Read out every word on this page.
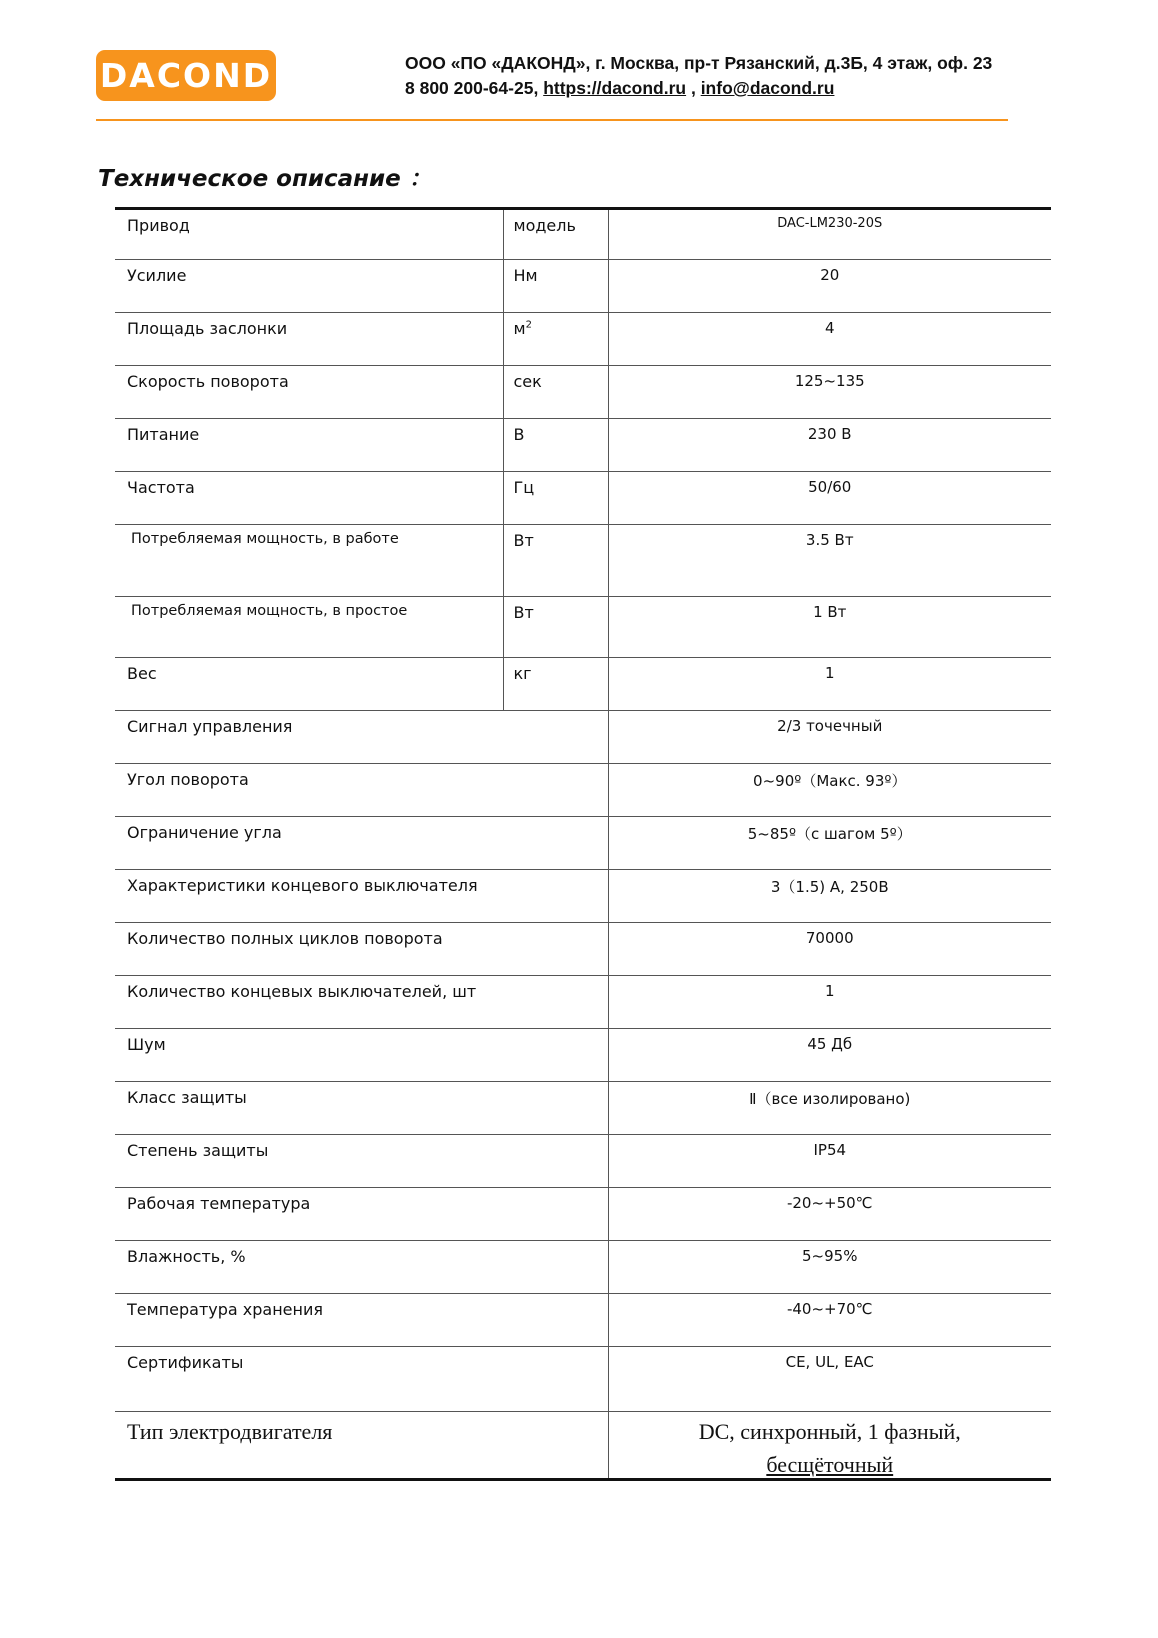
DACOND	ООО «ПО «ДАКОНД», г. Москва, пр-т Рязанский, д.3Б, 4 этаж, оф. 23
8 800 200-64-25, https://dacond.ru , info@dacond.ru
Техническое описание ：
Привод	модель	DAC-LM230-20S
Усилие	Нм	20
Площадь заслонки	$м^2$	4
Скорость поворота	сек	125~135
Питание	В	230 В
Частота	Гц	50/60
Потребляемая мощность, в работе	Вт	3.5 Вт
Потребляемая мощность, в простое	Вт	1 Вт
Вес	кг	1
Сигнал управления		2/3 точечный
Угол поворота		0~90º（Макс. 93º）
Ограничение угла		5~85º（с шагом 5º）
Характеристики концевого выключателя		3（1.5) A, 250В
Количество полных циклов поворота		70000
Количество концевых выключателей, шт		1
Шум		45 Дб
Класс защиты		Ⅱ（все изолировано)
Степень защиты		IP54
Рабочая температура		-20~+50℃
Влажность, %		5~95%
Температура хранения		-40~+70℃
Сертификаты		CE, UL, EAC
Тип электродвигателя		DC, синхронный, 1 фазный,
бесщёточный
